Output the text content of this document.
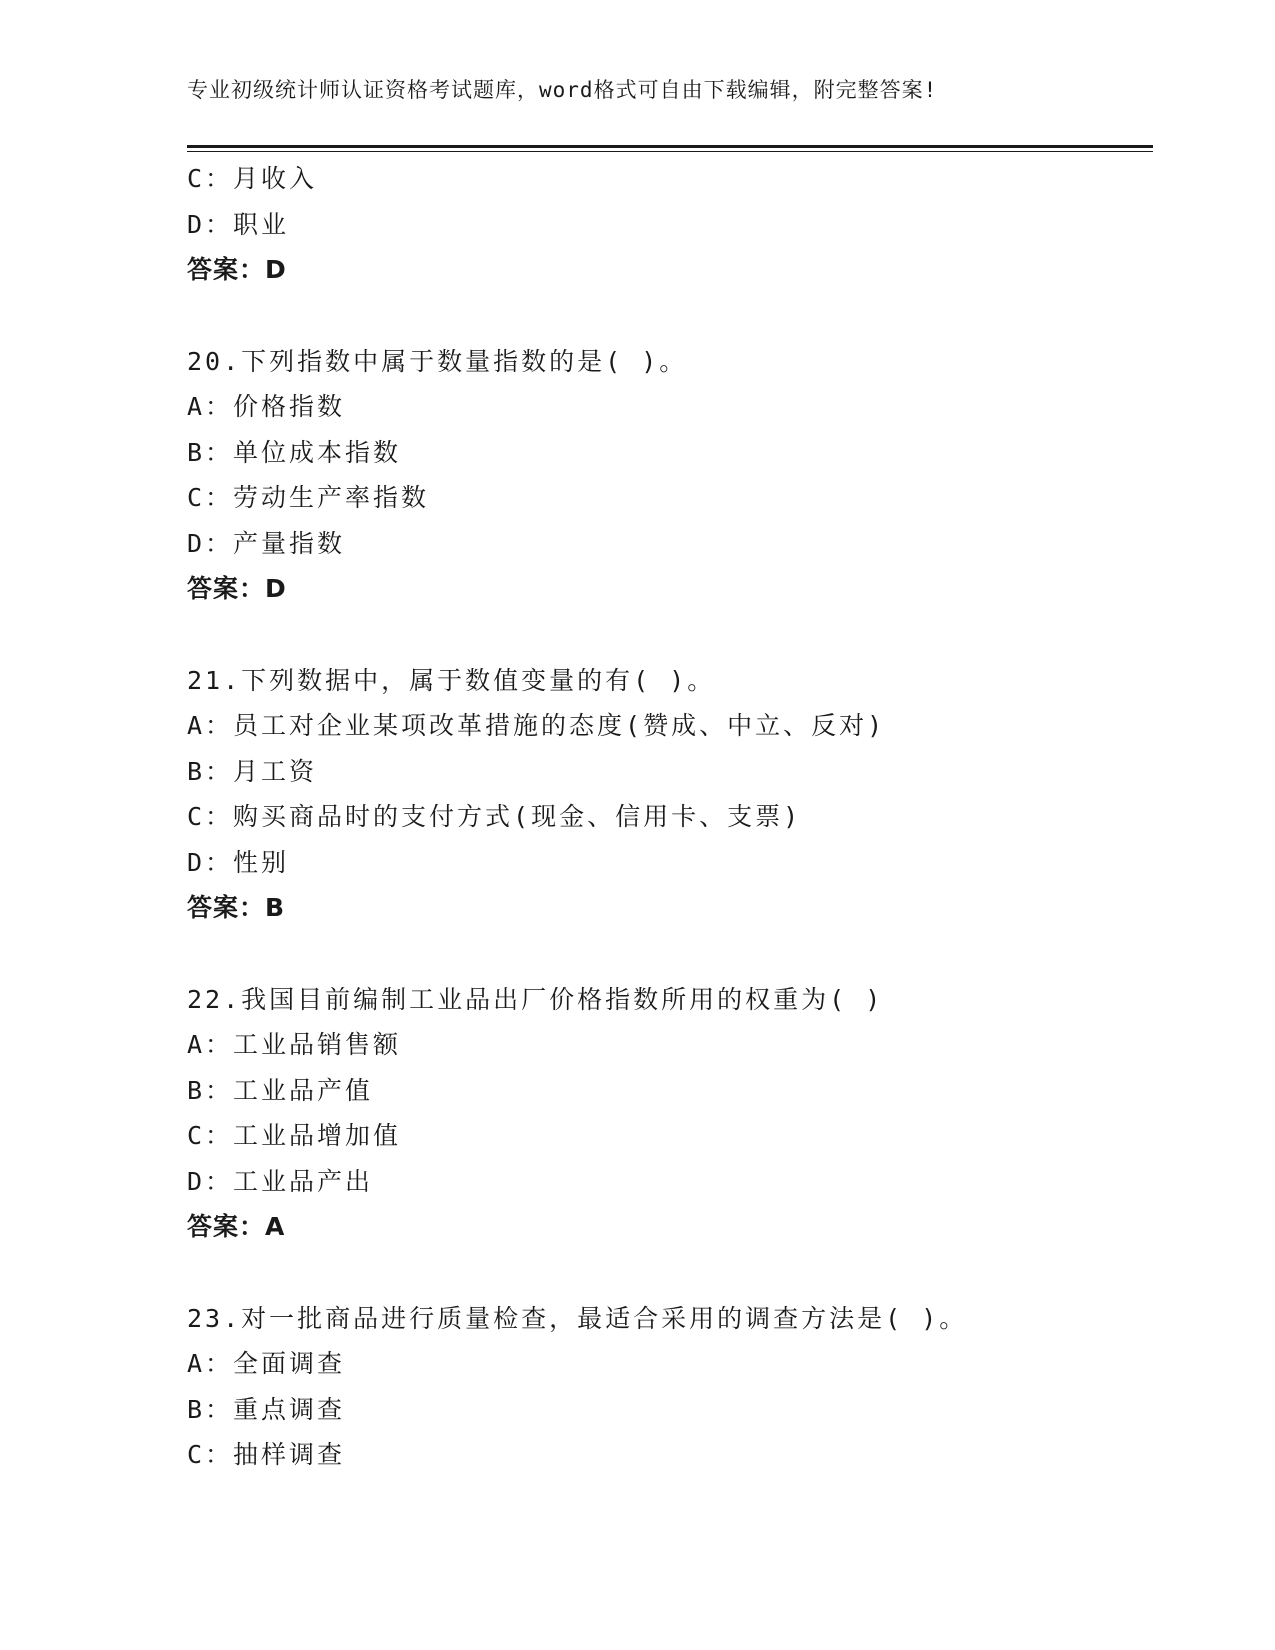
专业初级统计师认证资格考试题库，word格式可自由下载编辑，附完整答案!
C：月收入
D：职业
答案：D
20.下列指数中属于数量指数的是( )。
A：价格指数
B：单位成本指数
C：劳动生产率指数
D：产量指数
答案：D
21.下列数据中，属于数值变量的有( )。
A：员工对企业某项改革措施的态度(赞成、中立、反对)
B：月工资
C：购买商品时的支付方式(现金、信用卡、支票)
D：性别
答案：B
22.我国目前编制工业品出厂价格指数所用的权重为( )
A：工业品销售额
B：工业品产值
C：工业品增加值
D：工业品产出
答案：A
23.对一批商品进行质量检查，最适合采用的调查方法是( )。
A：全面调查
B：重点调查
C：抽样调查
